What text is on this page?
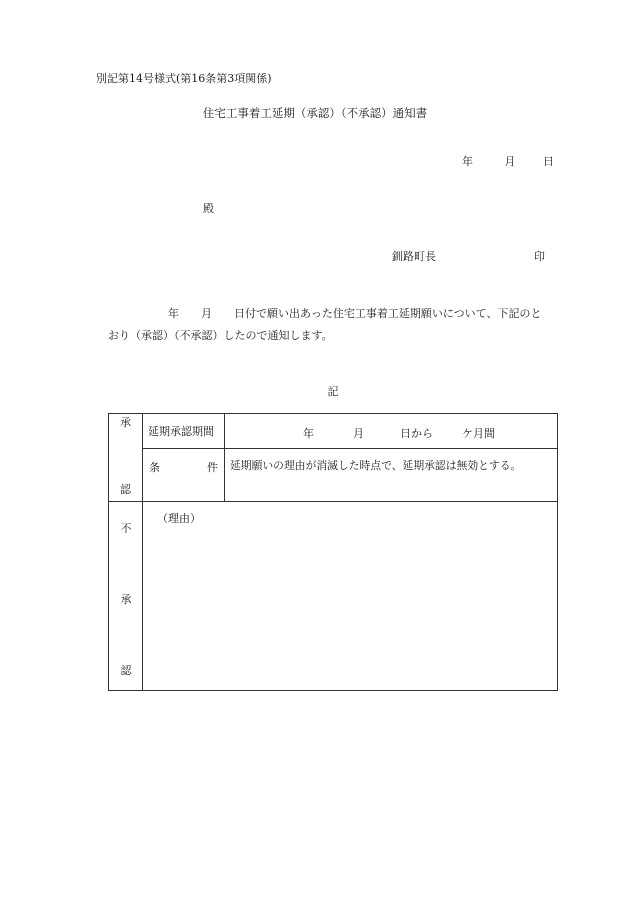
別記第14号様式(第16条第3項関係)
住宅工事着工延期（承認）（不承認）通知書
年	月	日
殿
釧路町長	印
年　　月　　日付で願い出あった住宅工事着工延期願いについて、下記のと
おり（承認）（不承認）したので通知します。
記
承	延期承認期間	年 月 日から ケ月間

認	条 件	延期願いの理由が消滅した時点で、延期承認は無効とする。

不
承
認	（理由）	
